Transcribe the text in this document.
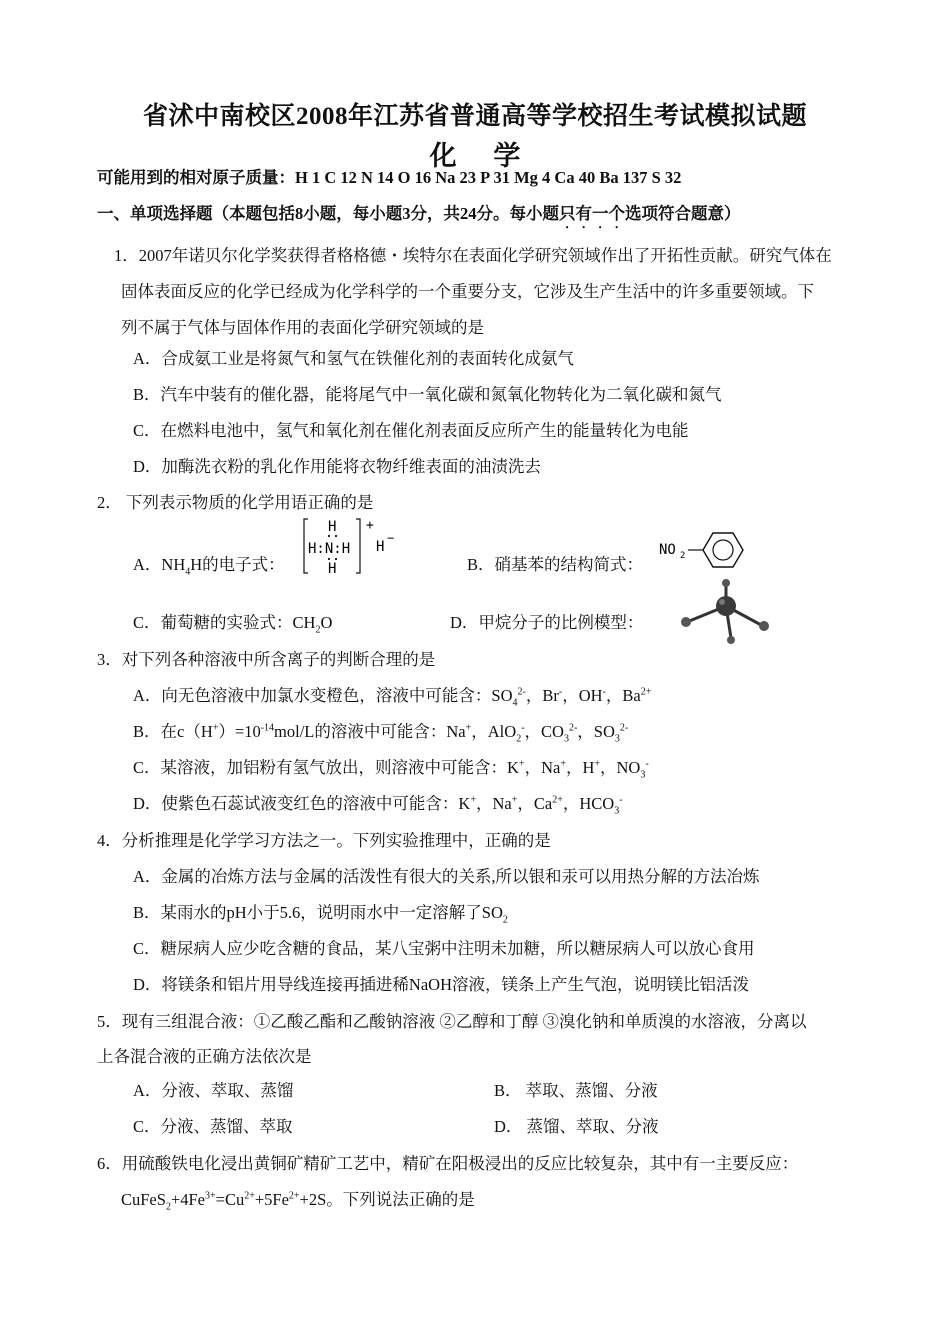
省沭中南校区2008年江苏省普通高等学校招生考试模拟试题
化 学
可能用到的相对原子质量：H 1 C 12 N 14 O 16 Na 23 P 31 Mg 4 Ca 40 Ba 137 S 32
一、单项选择题（本题包括8小题，每小题3分，共24分。每小题只有一个选项符合题意）
1．2007年诺贝尔化学奖获得者格格德・埃特尔在表面化学研究领域作出了开拓性贡献。研究气体在
固体表面反应的化学已经成为化学科学的一个重要分支，它涉及生产生活中的许多重要领域。下
列不属于气体与固体作用的表面化学研究领域的是
A．合成氨工业是将氮气和氢气在铁催化剂的表面转化成氨气
B．汽车中装有的催化器，能将尾气中一氧化碳和氮氧化物转化为二氧化碳和氮气
C．在燃料电池中，氢气和氧化剂在催化剂表面反应所产生的能量转化为电能
D．加酶洗衣粉的乳化作用能将衣物纤维表面的油渍洗去
2． 下列表示物质的化学用语正确的是
A．$NH_4H$的电子式：
H
H:N:H
H
+
H
−
B．硝基苯的结构简式：
NO 2
C．葡萄糖的实验式：$CH_2O$	D．甲烷分子的比例模型：
3．对下列各种溶液中所含离子的判断合理的是
A．向无色溶液中加氯水变橙色，溶液中可能含：$SO_4^{2-}$，Br-，OH-，$Ba^{2+}$
B．在$c(H^+)=10^{-14}mol/L$的溶液中可能含：Na+，AlO$_2$-，$CO_3^{2-}$，$SO_3^{2-}$
C．某溶液，加铝粉有氢气放出，则溶液中可能含：K+，Na+，H+，$NO_3^-$
D．使紫色石蕊试液变红色的溶液中可能含：K+，Na+，$Ca^{2+}$，$HCO_3^-$
4．分析推理是化学学习方法之一。下列实验推理中，正确的是
A．金属的冶炼方法与金属的活泼性有很大的关系,所以银和汞可以用热分解的方法冶炼
B．某雨水的pH小于5.6，说明雨水中一定溶解了$SO_2$
C．糖尿病人应少吃含糖的食品，某八宝粥中注明未加糖，所以糖尿病人可以放心食用
D．将镁条和铝片用导线连接再插进稀NaOH溶液，镁条上产生气泡，说明镁比铝活泼
5．现有三组混合液：①乙酸乙酯和乙酸钠溶液 ②乙醇和丁醇 ③溴化钠和单质溴的水溶液，分离以
上各混合液的正确方法依次是
A．分液、萃取、蒸馏	B． 萃取、蒸馏、分液
C．分液、蒸馏、萃取	D． 蒸馏、萃取、分液
6．用硫酸铁电化浸出黄铜矿精矿工艺中，精矿在阳极浸出的反应比较复杂，其中有一主要反应：
$CuFeS_2+4Fe^{3+}=Cu^{2+}+5Fe^{2+}+2S$。下列说法正确的是
